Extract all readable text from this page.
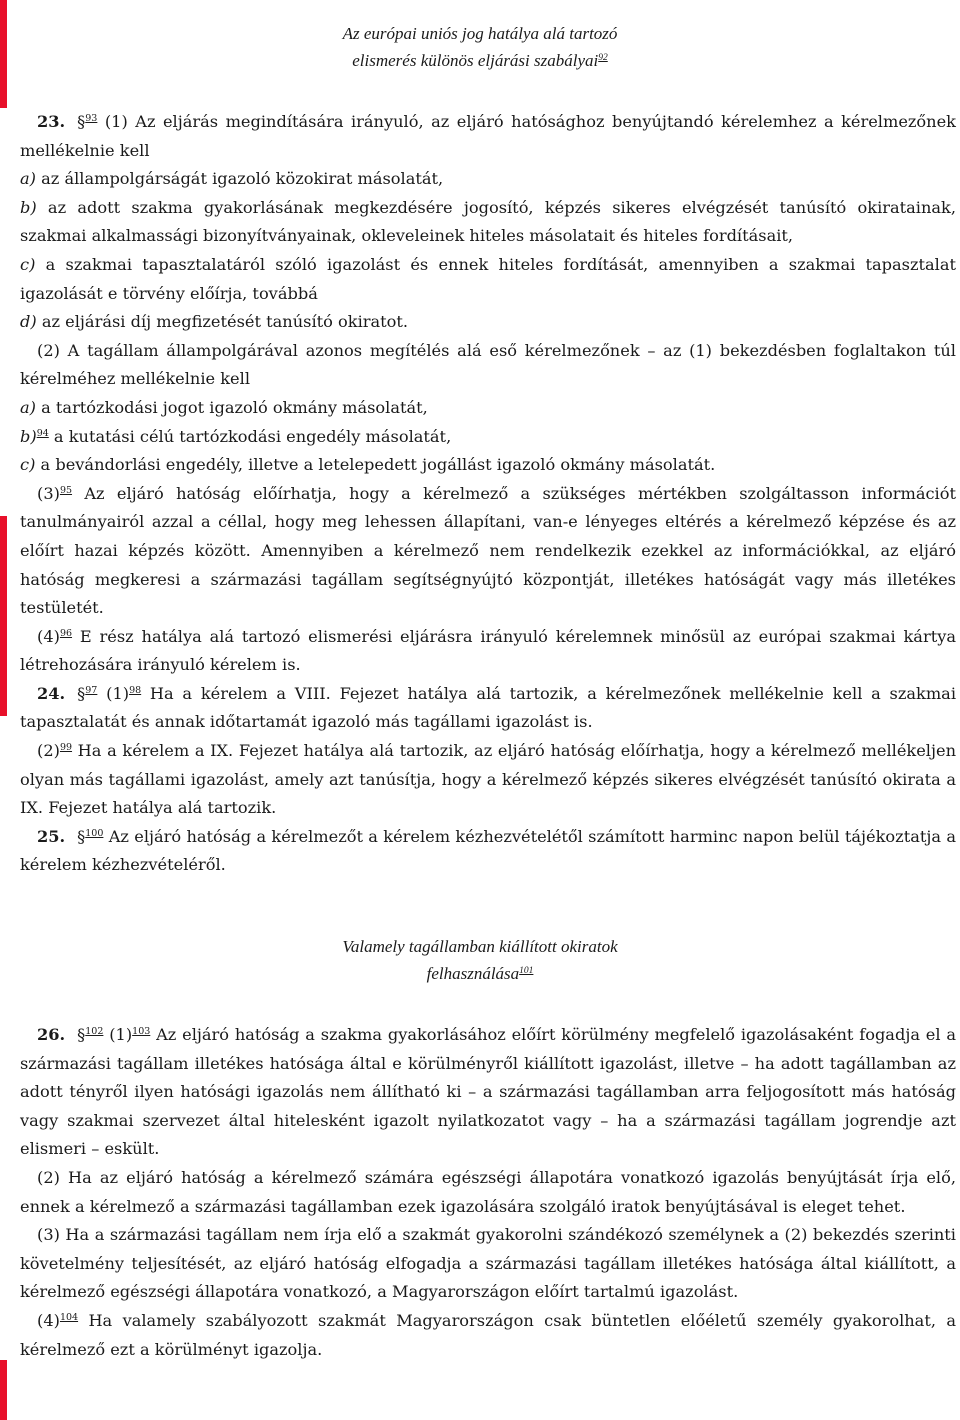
Az európai uniós jog hatálya alá tartozó
elismerés különös eljárási szabályai$^{92}$

23. §$^{93}$ (1) Az eljárás megindítására irányuló, az eljáró hatósághoz benyújtandó kérelemhez a kérelmezőnek mellékelnie kell

a) az állampolgárságát igazoló közokirat másolatát,

b) az adott szakma gyakorlásának megkezdésére jogosító, képzés sikeres elvégzését tanúsító okiratainak, szakmai alkalmassági bizonyítványainak, okleveleinek hiteles másolatait és hiteles fordításait,

c) a szakmai tapasztalatáról szóló igazolást és ennek hiteles fordítását, amennyiben a szakmai tapasztalat igazolását e törvény előírja, továbbá

d) az eljárási díj megfizetését tanúsító okiratot.

(2) A tagállam állampolgárával azonos megítélés alá eső kérelmezőnek – az (1) bekezdésben foglaltakon túl kérelméhez mellékelnie kell

a) a tartózkodási jogot igazoló okmány másolatát,

b)$^{94}$ a kutatási célú tartózkodási engedély másolatát,

c) a bevándorlási engedély, illetve a letelepedett jogállást igazoló okmány másolatát.

$(3)^{95}$ Az eljáró hatóság előírhatja, hogy a kérelmező a szükséges mértékben szolgáltasson információt tanulmányairól azzal a céllal, hogy meg lehessen állapítani, van-e lényeges eltérés a kérelmező képzése és az előírt hazai képzés között. Amennyiben a kérelmező nem rendelkezik ezekkel az információkkal, az eljáró hatóság megkeresi a származási tagállam segítségnyújtó központját, illetékes hatóságát vagy más illetékes testületét.

$(4)^{96}$ E rész hatálya alá tartozó elismerési eljárásra irányuló kérelemnek minősül az európai szakmai kártya létrehozására irányuló kérelem is.

24. §$^{97}$ $(1)^{98}$ Ha a kérelem a VIII. Fejezet hatálya alá tartozik, a kérelmezőnek mellékelnie kell a szakmai tapasztalatát és annak időtartamát igazoló más tagállami igazolást is.

$(2)^{99}$ Ha a kérelem a IX. Fejezet hatálya alá tartozik, az eljáró hatóság előírhatja, hogy a kérelmező mellékeljen olyan más tagállami igazolást, amely azt tanúsítja, hogy a kérelmező képzés sikeres elvégzését tanúsító okirata a IX. Fejezet hatálya alá tartozik.

25. §$^{100}$ Az eljáró hatóság a kérelmezőt a kérelem kézhezvételétől számított harminc napon belül tájékoztatja a kérelem kézhezvételéről.

Valamely tagállamban kiállított okiratok
felhasználása$^{101}$

26. §$^{102}$ $(1)^{103}$ Az eljáró hatóság a szakma gyakorlásához előírt körülmény megfelelő igazolásaként fogadja el a származási tagállam illetékes hatósága által e körülményről kiállított igazolást, illetve – ha adott tagállamban az adott tényről ilyen hatósági igazolás nem állítható ki – a származási tagállamban arra feljogosított más hatóság vagy szakmai szervezet által hitelesként igazolt nyilatkozatot vagy – ha a származási tagállam jogrendje azt elismeri – eskült.

(2) Ha az eljáró hatóság a kérelmező számára egészségi állapotára vonatkozó igazolás benyújtását írja elő, ennek a kérelmező a származási tagállamban ezek igazolására szolgáló iratok benyújtásával is eleget tehet.

(3) Ha a származási tagállam nem írja elő a szakmát gyakorolni szándékozó személynek a (2) bekezdés szerinti követelmény teljesítését, az eljáró hatóság elfogadja a származási tagállam illetékes hatósága által kiállított, a kérelmező egészségi állapotára vonatkozó, a Magyarországon előírt tartalmú igazolást.

$(4)^{104}$ Ha valamely szabályozott szakmát Magyarországon csak büntetlen előéletű személy gyakorolhat, a kérelmező ezt a körülményt igazolja.
